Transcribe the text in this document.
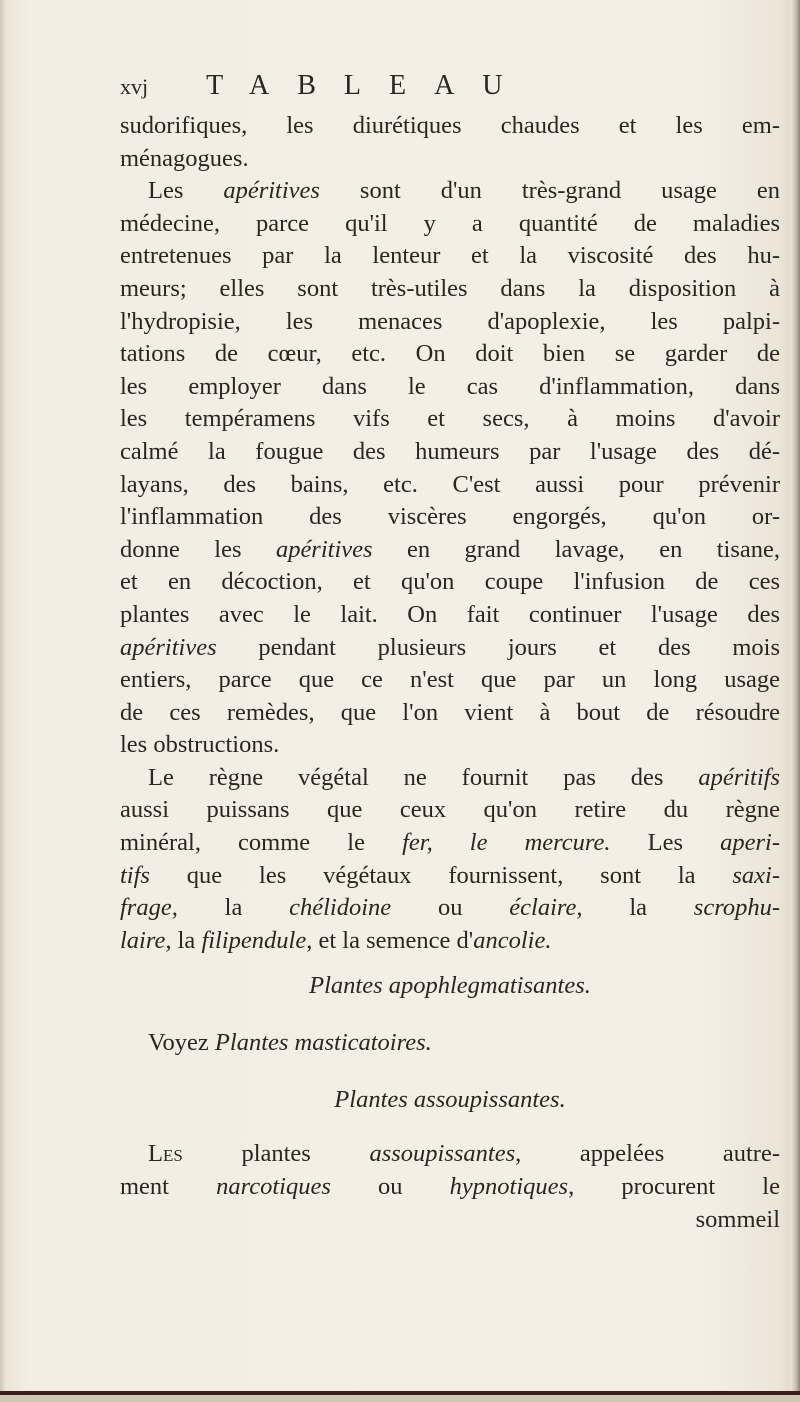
xvj TABLEAU
sudorifiques, les diurétiques chaudes et les em-
ménagogues.
Les apéritives sont d'un très-grand usage en
médecine, parce qu'il y a quantité de maladies
entretenues par la lenteur et la viscosité des hu-
meurs; elles sont très-utiles dans la disposition à
l'hydropisie, les menaces d'apoplexie, les palpi-
tations de cœur, etc. On doit bien se garder de
les employer dans le cas d'inflammation, dans
les tempéramens vifs et secs, à moins d'avoir
calmé la fougue des humeurs par l'usage des dé-
layans, des bains, etc. C'est aussi pour prévenir
l'inflammation des viscères engorgés, qu'on or-
donne les apéritives en grand lavage, en tisane,
et en décoction, et qu'on coupe l'infusion de ces
plantes avec le lait. On fait continuer l'usage des
apéritives pendant plusieurs jours et des mois
entiers, parce que ce n'est que par un long usage
de ces remèdes, que l'on vient à bout de résoudre
les obstructions.
Le règne végétal ne fournit pas des apéritifs
aussi puissans que ceux qu'on retire du règne
minéral, comme le fer, le mercure. Les aperi-
tifs que les végétaux fournissent, sont la saxi-
frage, la chélidoine ou éclaire, la scrophu-
laire, la filipendule, et la semence d'ancolie.
Plantes apophlegmatisantes.
Voyez Plantes masticatoires.
Plantes assoupissantes.
Les plantes assoupissantes, appelées autre-
ment narcotiques ou hypnotiques, procurent le
sommeil
